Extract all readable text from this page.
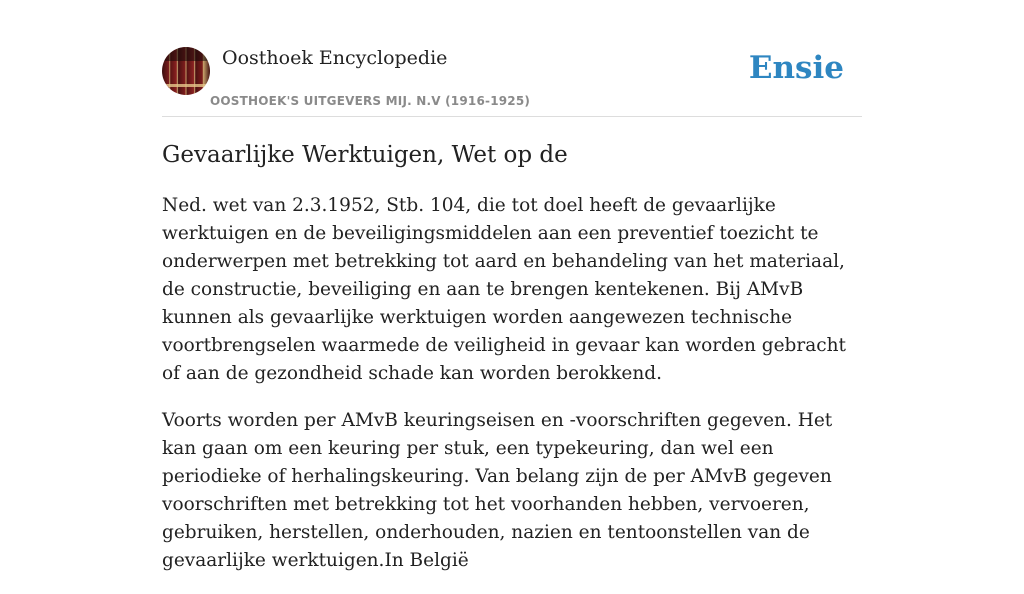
Oosthoek Encyclopedie
OOSTHOEK'S UITGEVERS MIJ. N.V (1916-1925)
Ensie
Gevaarlijke Werktuigen, Wet op de

Ned. wet van 2.3.1952, Stb. 104, die tot doel heeft de gevaarlijke werktuigen en de beveiligingsmiddelen aan een preventief toezicht te onderwerpen met betrekking tot aard en behandeling van het materiaal, de constructie, beveiliging en aan te brengen kentekenen. Bij AMvB kunnen als gevaarlijke werktuigen worden aangewezen technische voortbrengselen waarmede de veiligheid in gevaar kan worden gebracht of aan de gezondheid schade kan worden berokkend.

Voorts worden per AMvB keuringseisen en -voorschriften gegeven. Het kan gaan om een keuring per stuk, een typekeuring, dan wel een periodieke of herhalingskeuring. Van belang zijn de per AMvB gegeven voorschriften met betrekking tot het voorhanden hebben, vervoeren, gebruiken, herstellen, onderhouden, nazien en tentoonstellen van de gevaarlijke werktuigen.In België
